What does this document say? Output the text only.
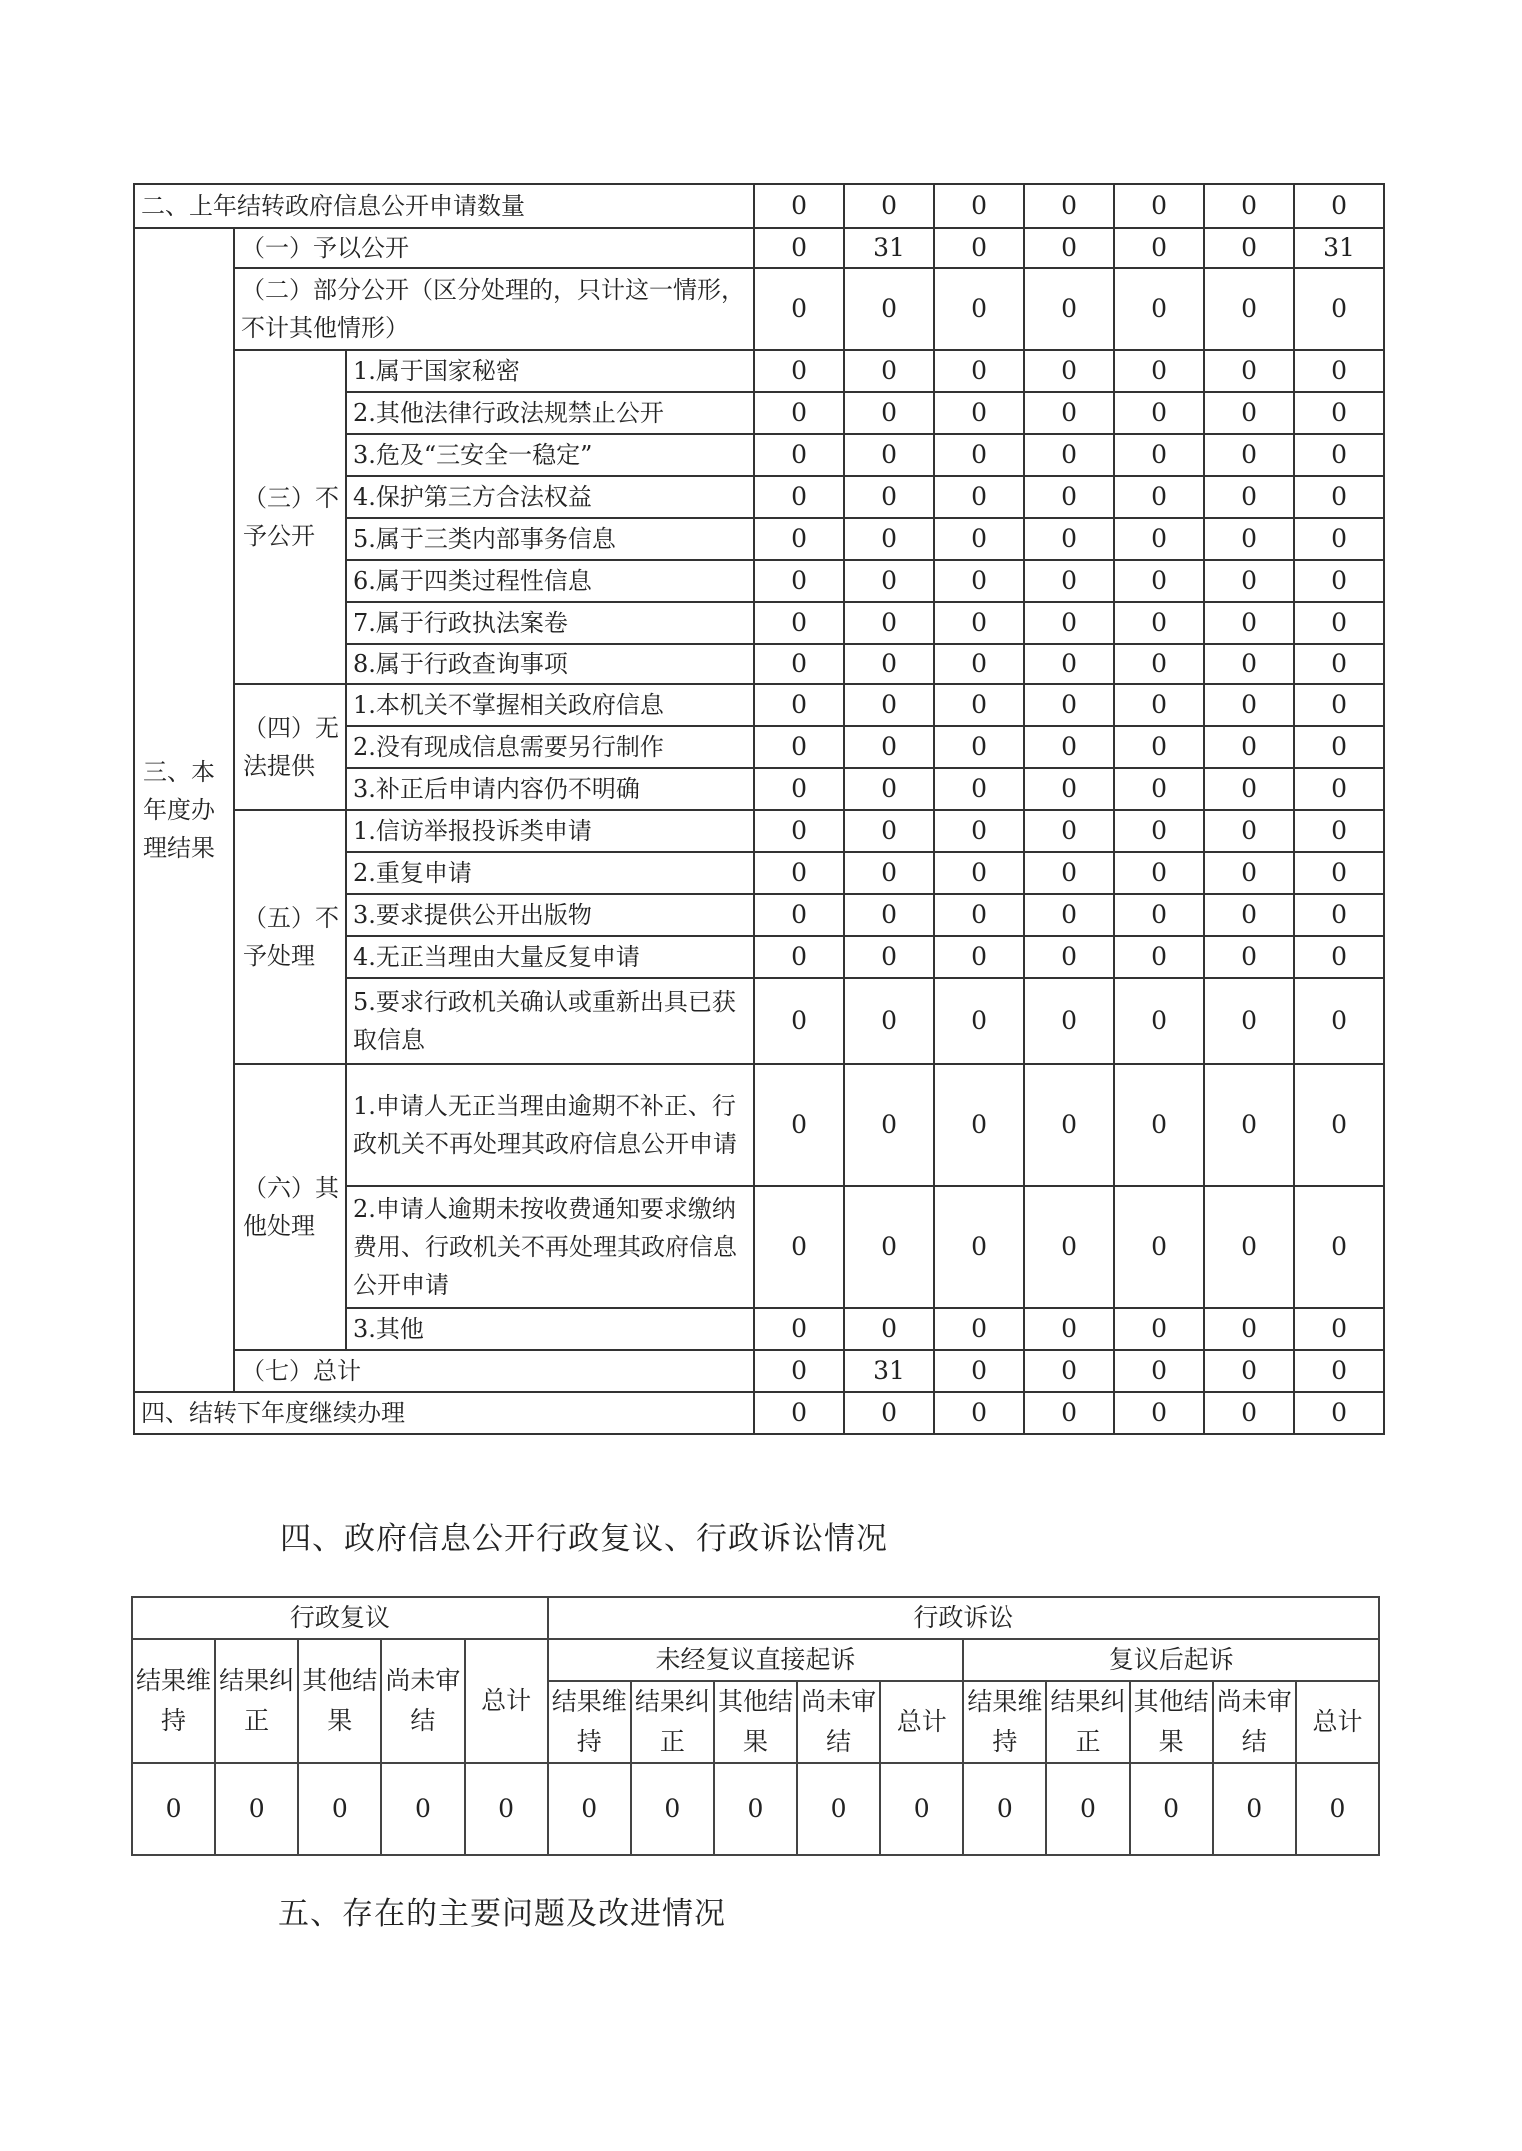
二、上年结转政府信息公开申请数量			0	0	0	0	0	0	0
三、本年度办理结果	（一）予以公开		0	31	0	0	0	0	31
	（二）部分公开（区分处理的，只计这一情形，不计其他情形）		0	0	0	0	0	0	0
	（三）不予公开	1.属于国家秘密	0	0	0	0	0	0	0
		2.其他法律行政法规禁止公开	0	0	0	0	0	0	0
		3.危及“三安全一稳定”	0	0	0	0	0	0	0
		4.保护第三方合法权益	0	0	0	0	0	0	0
		5.属于三类内部事务信息	0	0	0	0	0	0	0
		6.属于四类过程性信息	0	0	0	0	0	0	0
		7.属于行政执法案卷	0	0	0	0	0	0	0
		8.属于行政查询事项	0	0	0	0	0	0	0
	（四）无法提供	1.本机关不掌握相关政府信息	0	0	0	0	0	0	0
		2.没有现成信息需要另行制作	0	0	0	0	0	0	0
		3.补正后申请内容仍不明确	0	0	0	0	0	0	0
	（五）不予处理	1.信访举报投诉类申请	0	0	0	0	0	0	0
		2.重复申请	0	0	0	0	0	0	0
		3.要求提供公开出版物	0	0	0	0	0	0	0
		4.无正当理由大量反复申请	0	0	0	0	0	0	0
		5.要求行政机关确认或重新出具已获取信息	0	0	0	0	0	0	0
	（六）其他处理	1.申请人无正当理由逾期不补正、行政机关不再处理其政府信息公开申请	0	0	0	0	0	0	0
		2.申请人逾期未按收费通知要求缴纳费用、行政机关不再处理其政府信息公开申请	0	0	0	0	0	0	0
		3.其他	0	0	0	0	0	0	0
	（七）总计		0	31	0	0	0	0	0
四、结转下年度继续办理			0	0	0	0	0	0	0
四、政府信息公开行政复议、行政诉讼情况
行政复议					行政诉讼									
结果维持	结果纠正	其他结果	尚未审结	总计	未经复议直接起诉					复议后起诉				
					结果维持	结果纠正	其他结果	尚未审结	总计	结果维持	结果纠正	其他结果	尚未审结	总计
0	0	0	0	0	0	0	0	0	0	0	0	0	0	0
五、存在的主要问题及改进情况
